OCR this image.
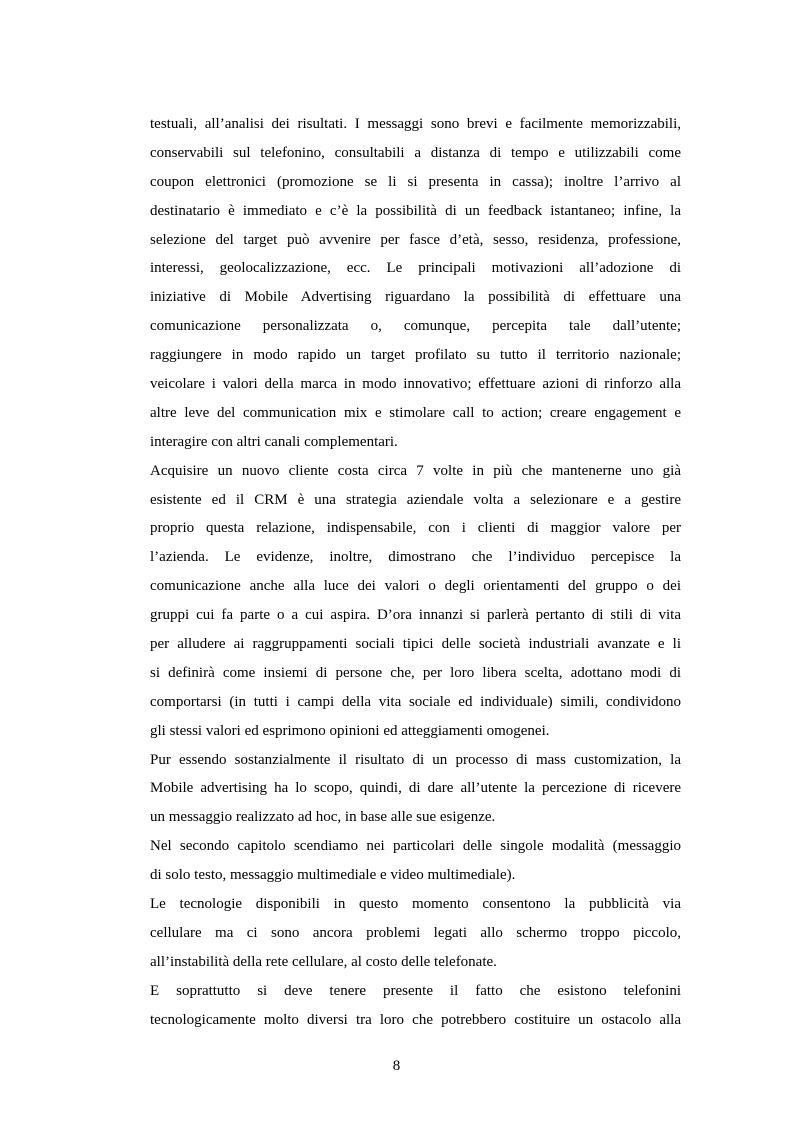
testuali, all’analisi dei risultati. I messaggi sono brevi e facilmente memorizzabili,
conservabili sul telefonino, consultabili a distanza di tempo e utilizzabili come
coupon elettronici (promozione se li si presenta in cassa); inoltre l’arrivo al
destinatario è immediato e c’è la possibilità di un feedback istantaneo; infine, la
selezione del target può avvenire per fasce d’età, sesso, residenza, professione,
interessi, geolocalizzazione, ecc. Le principali motivazioni all’adozione di
iniziative di Mobile Advertising riguardano la possibilità di effettuare una
comunicazione personalizzata o, comunque, percepita tale dall’utente;
raggiungere in modo rapido un target profilato su tutto il territorio nazionale;
veicolare i valori della marca in modo innovativo; effettuare azioni di rinforzo alla
altre leve del communication mix e stimolare call to action; creare engagement e
interagire con altri canali complementari.
Acquisire un nuovo cliente costa circa 7 volte in più che mantenerne uno già
esistente ed il CRM è una strategia aziendale volta a selezionare e a gestire
proprio questa relazione, indispensabile, con i clienti di maggior valore per
l’azienda. Le evidenze, inoltre, dimostrano che l’individuo percepisce la
comunicazione anche alla luce dei valori o degli orientamenti del gruppo o dei
gruppi cui fa parte o a cui aspira. D’ora innanzi si parlerà pertanto di stili di vita
per alludere ai raggruppamenti sociali tipici delle società industriali avanzate e li
si definirà come insiemi di persone che, per loro libera scelta, adottano modi di
comportarsi (in tutti i campi della vita sociale ed individuale) simili, condividono
gli stessi valori ed esprimono opinioni ed atteggiamenti omogenei.
Pur essendo sostanzialmente il risultato di un processo di mass customization, la
Mobile advertising ha lo scopo, quindi, di dare all’utente la percezione di ricevere
un messaggio realizzato ad hoc, in base alle sue esigenze.
Nel secondo capitolo scendiamo nei particolari delle singole modalità (messaggio
di solo testo, messaggio multimediale e video multimediale).
Le tecnologie disponibili in questo momento consentono la pubblicità via
cellulare ma ci sono ancora problemi legati allo schermo troppo piccolo,
all’instabilità della rete cellulare, al costo delle telefonate.
E soprattutto si deve tenere presente il fatto che esistono telefonini
tecnologicamente molto diversi tra loro che potrebbero costituire un ostacolo alla
8
